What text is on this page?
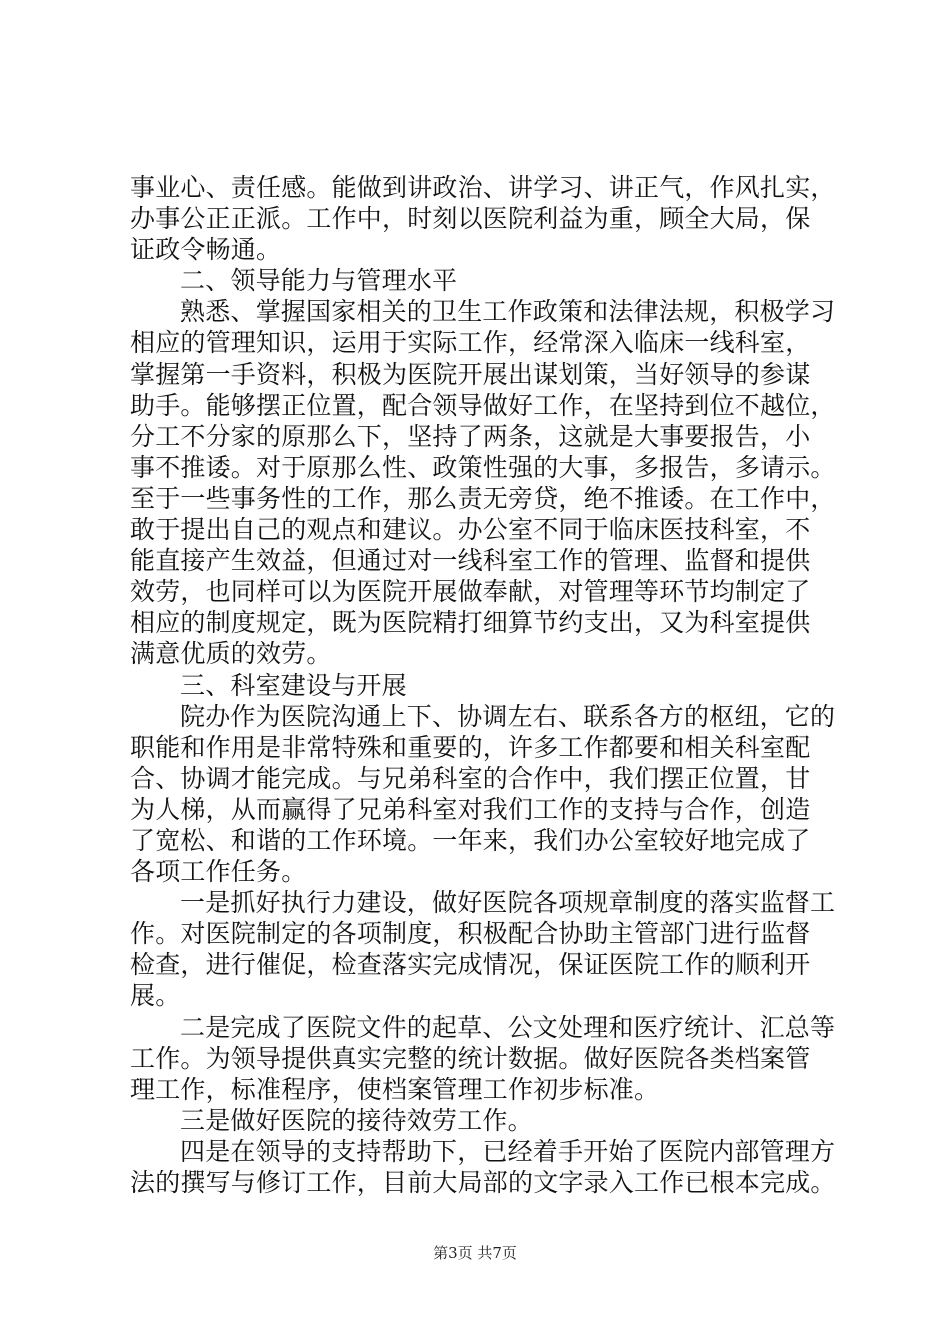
事业心、责任感。能做到讲政治、讲学习、讲正气，作风扎实，
办事公正正派。工作中，时刻以医院利益为重，顾全大局，保
证政令畅通。
二、领导能力与管理水平
熟悉、掌握国家相关的卫生工作政策和法律法规，积极学习
相应的管理知识，运用于实际工作，经常深入临床一线科室，
掌握第一手资料，积极为医院开展出谋划策，当好领导的参谋
助手。能够摆正位置，配合领导做好工作，在坚持到位不越位，
分工不分家的原那么下，坚持了两条，这就是大事要报告，小
事不推诿。对于原那么性、政策性强的大事，多报告，多请示。
至于一些事务性的工作，那么责无旁贷，绝不推诿。在工作中，
敢于提出自己的观点和建议。办公室不同于临床医技科室，不
能直接产生效益，但通过对一线科室工作的管理、监督和提供
效劳，也同样可以为医院开展做奉献，对管理等环节均制定了
相应的制度规定，既为医院精打细算节约支出，又为科室提供
满意优质的效劳。
三、科室建设与开展
院办作为医院沟通上下、协调左右、联系各方的枢纽，它的
职能和作用是非常特殊和重要的，许多工作都要和相关科室配
合、协调才能完成。与兄弟科室的合作中，我们摆正位置，甘
为人梯，从而赢得了兄弟科室对我们工作的支持与合作，创造
了宽松、和谐的工作环境。一年来，我们办公室较好地完成了
各项工作任务。
一是抓好执行力建设，做好医院各项规章制度的落实监督工
作。对医院制定的各项制度，积极配合协助主管部门进行监督
检查，进行催促，检查落实完成情况，保证医院工作的顺利开
展。
二是完成了医院文件的起草、公文处理和医疗统计、汇总等
工作。为领导提供真实完整的统计数据。做好医院各类档案管
理工作，标准程序，使档案管理工作初步标准。
三是做好医院的接待效劳工作。
四是在领导的支持帮助下，已经着手开始了医院内部管理方
法的撰写与修订工作，目前大局部的文字录入工作已根本完成。
第3页 共7页
